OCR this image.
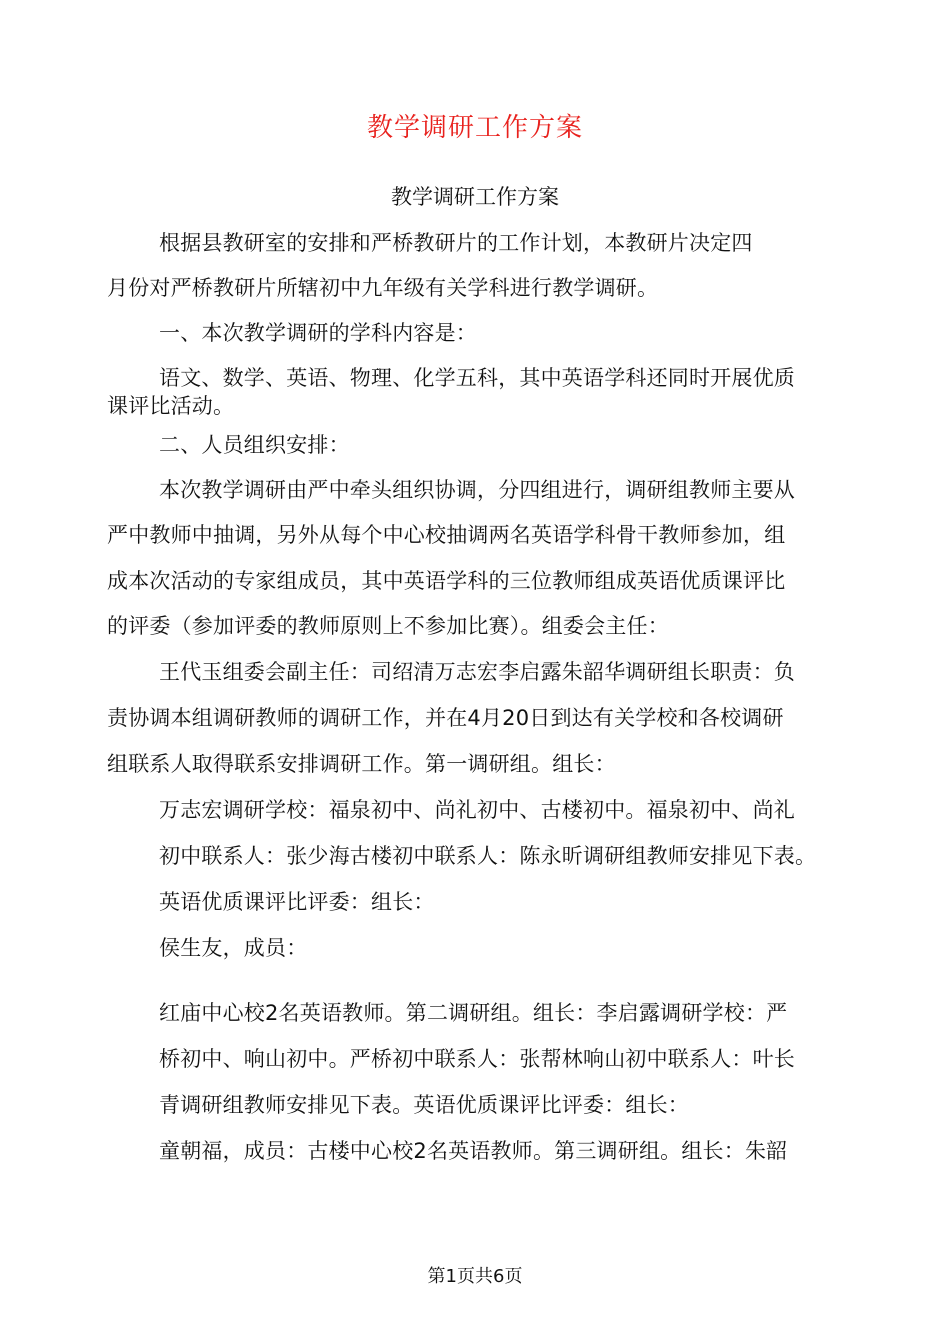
教学调研工作方案
教学调研工作方案
根据县教研室的安排和严桥教研片的工作计划，本教研片决定四
月份对严桥教研片所辖初中九年级有关学科进行教学调研。
一、本次教学调研的学科内容是：
语文、数学、英语、物理、化学五科，其中英语学科还同时开展优质
课评比活动。
二、人员组织安排：
本次教学调研由严中牵头组织协调，分四组进行，调研组教师主要从
严中教师中抽调，另外从每个中心校抽调两名英语学科骨干教师参加，组
成本次活动的专家组成员，其中英语学科的三位教师组成英语优质课评比
的评委（参加评委的教师原则上不参加比赛）。组委会主任：
王代玉组委会副主任：司绍清万志宏李启露朱韶华调研组长职责：负
责协调本组调研教师的调研工作，并在4月20日到达有关学校和各校调研
组联系人取得联系安排调研工作。第一调研组。组长：
万志宏调研学校：福泉初中、尚礼初中、古楼初中。福泉初中、尚礼
初中联系人：张少海古楼初中联系人：陈永昕调研组教师安排见下表。
英语优质课评比评委：组长：
侯生友，成员：
红庙中心校2名英语教师。第二调研组。组长：李启露调研学校：严
桥初中、响山初中。严桥初中联系人：张帮林响山初中联系人：叶长
青调研组教师安排见下表。英语优质课评比评委：组长：
童朝福，成员：古楼中心校2名英语教师。第三调研组。组长：朱韶
第1页共6页
